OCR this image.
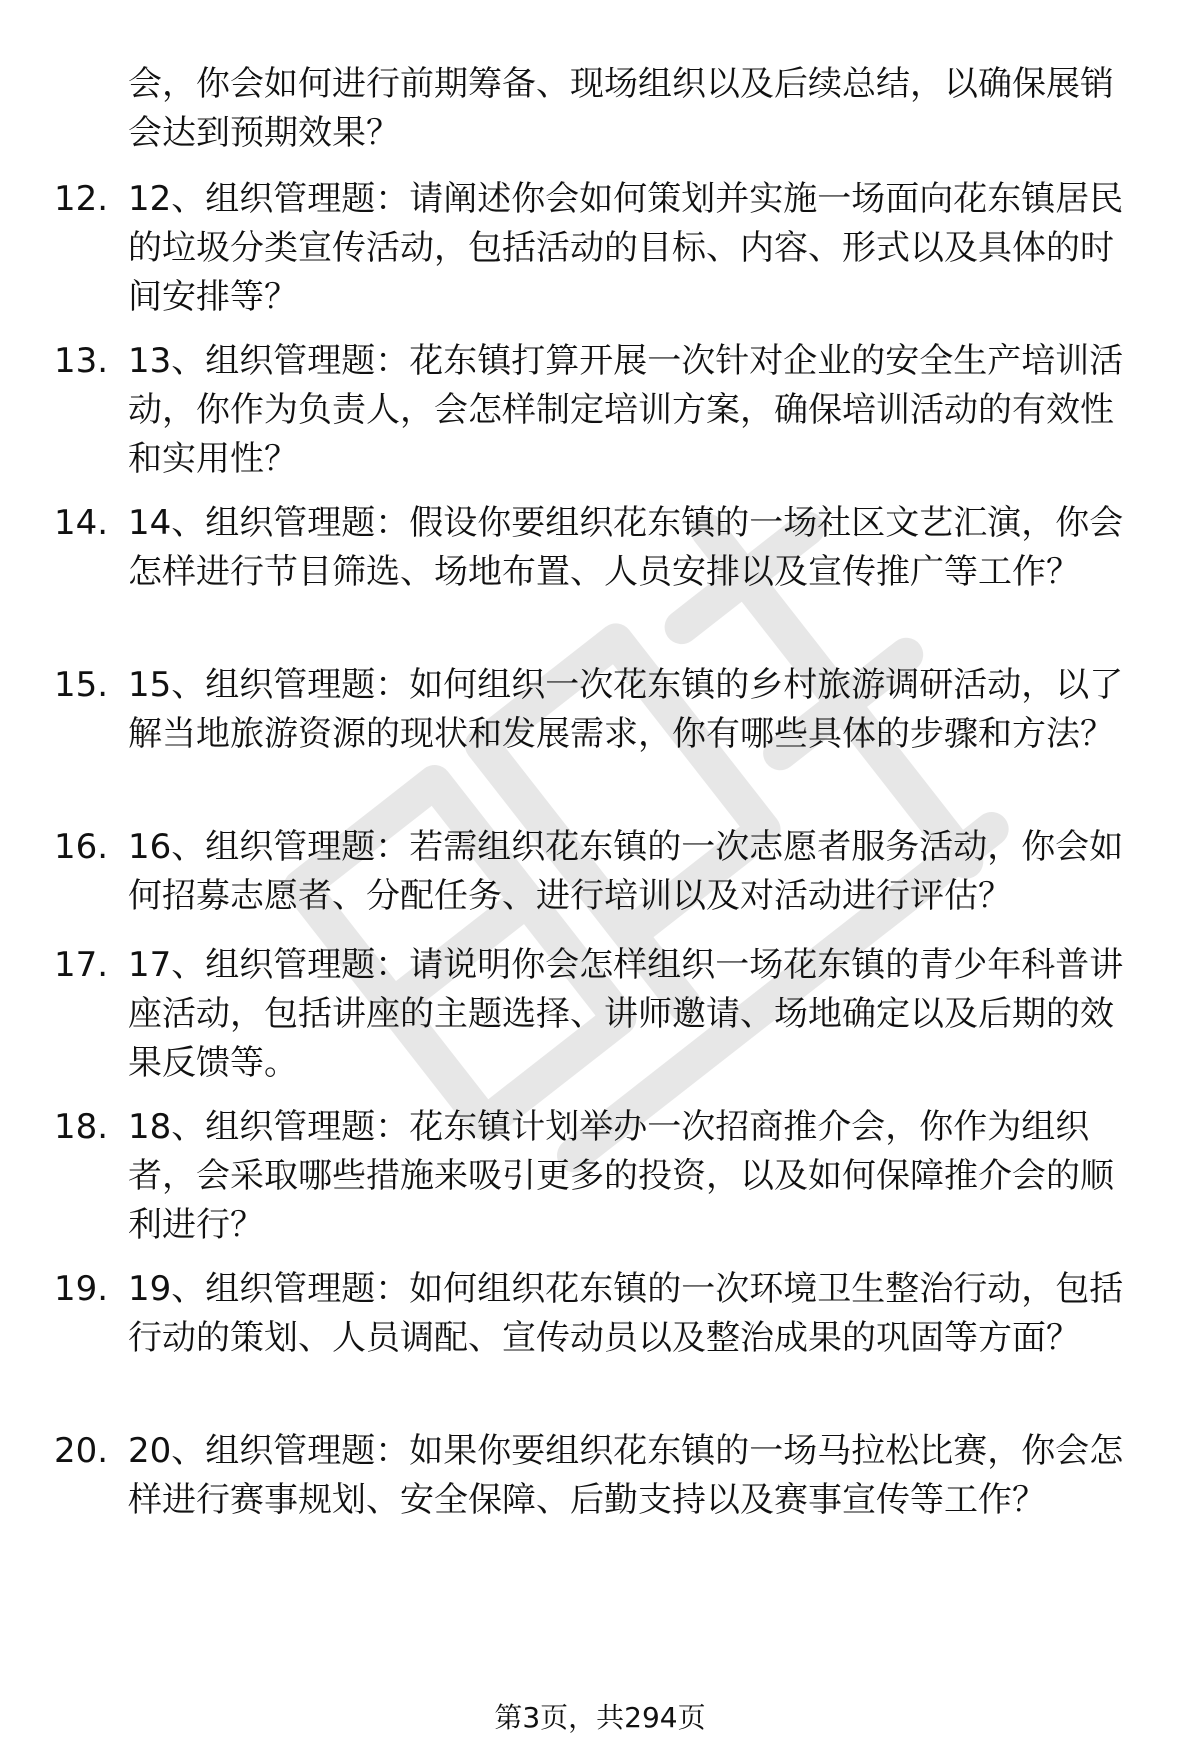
会，你会如何进行前期筹备、现场组织以及后续总结，以确保展销会达到预期效果？
12. 12、组织管理题：请阐述你会如何策划并实施一场面向花东镇居民的垃圾分类宣传活动，包括活动的目标、内容、形式以及具体的时间安排等？
13. 13、组织管理题：花东镇打算开展一次针对企业的安全生产培训活动，你作为负责人，会怎样制定培训方案，确保培训活动的有效性和实用性？
14. 14、组织管理题：假设你要组织花东镇的一场社区文艺汇演，你会怎样进行节目筛选、场地布置、人员安排以及宣传推广等工作？
15. 15、组织管理题：如何组织一次花东镇的乡村旅游调研活动，以了解当地旅游资源的现状和发展需求，你有哪些具体的步骤和方法？
16. 16、组织管理题：若需组织花东镇的一次志愿者服务活动，你会如何招募志愿者、分配任务、进行培训以及对活动进行评估？
17. 17、组织管理题：请说明你会怎样组织一场花东镇的青少年科普讲座活动，包括讲座的主题选择、讲师邀请、场地确定以及后期的效果反馈等。
18. 18、组织管理题：花东镇计划举办一次招商推介会，你作为组织者，会采取哪些措施来吸引更多的投资，以及如何保障推介会的顺利进行？
19. 19、组织管理题：如何组织花东镇的一次环境卫生整治行动，包括行动的策划、人员调配、宣传动员以及整治成果的巩固等方面？
20. 20、组织管理题：如果你要组织花东镇的一场马拉松比赛，你会怎样进行赛事规划、安全保障、后勤支持以及赛事宣传等工作？
第3页，共294页
